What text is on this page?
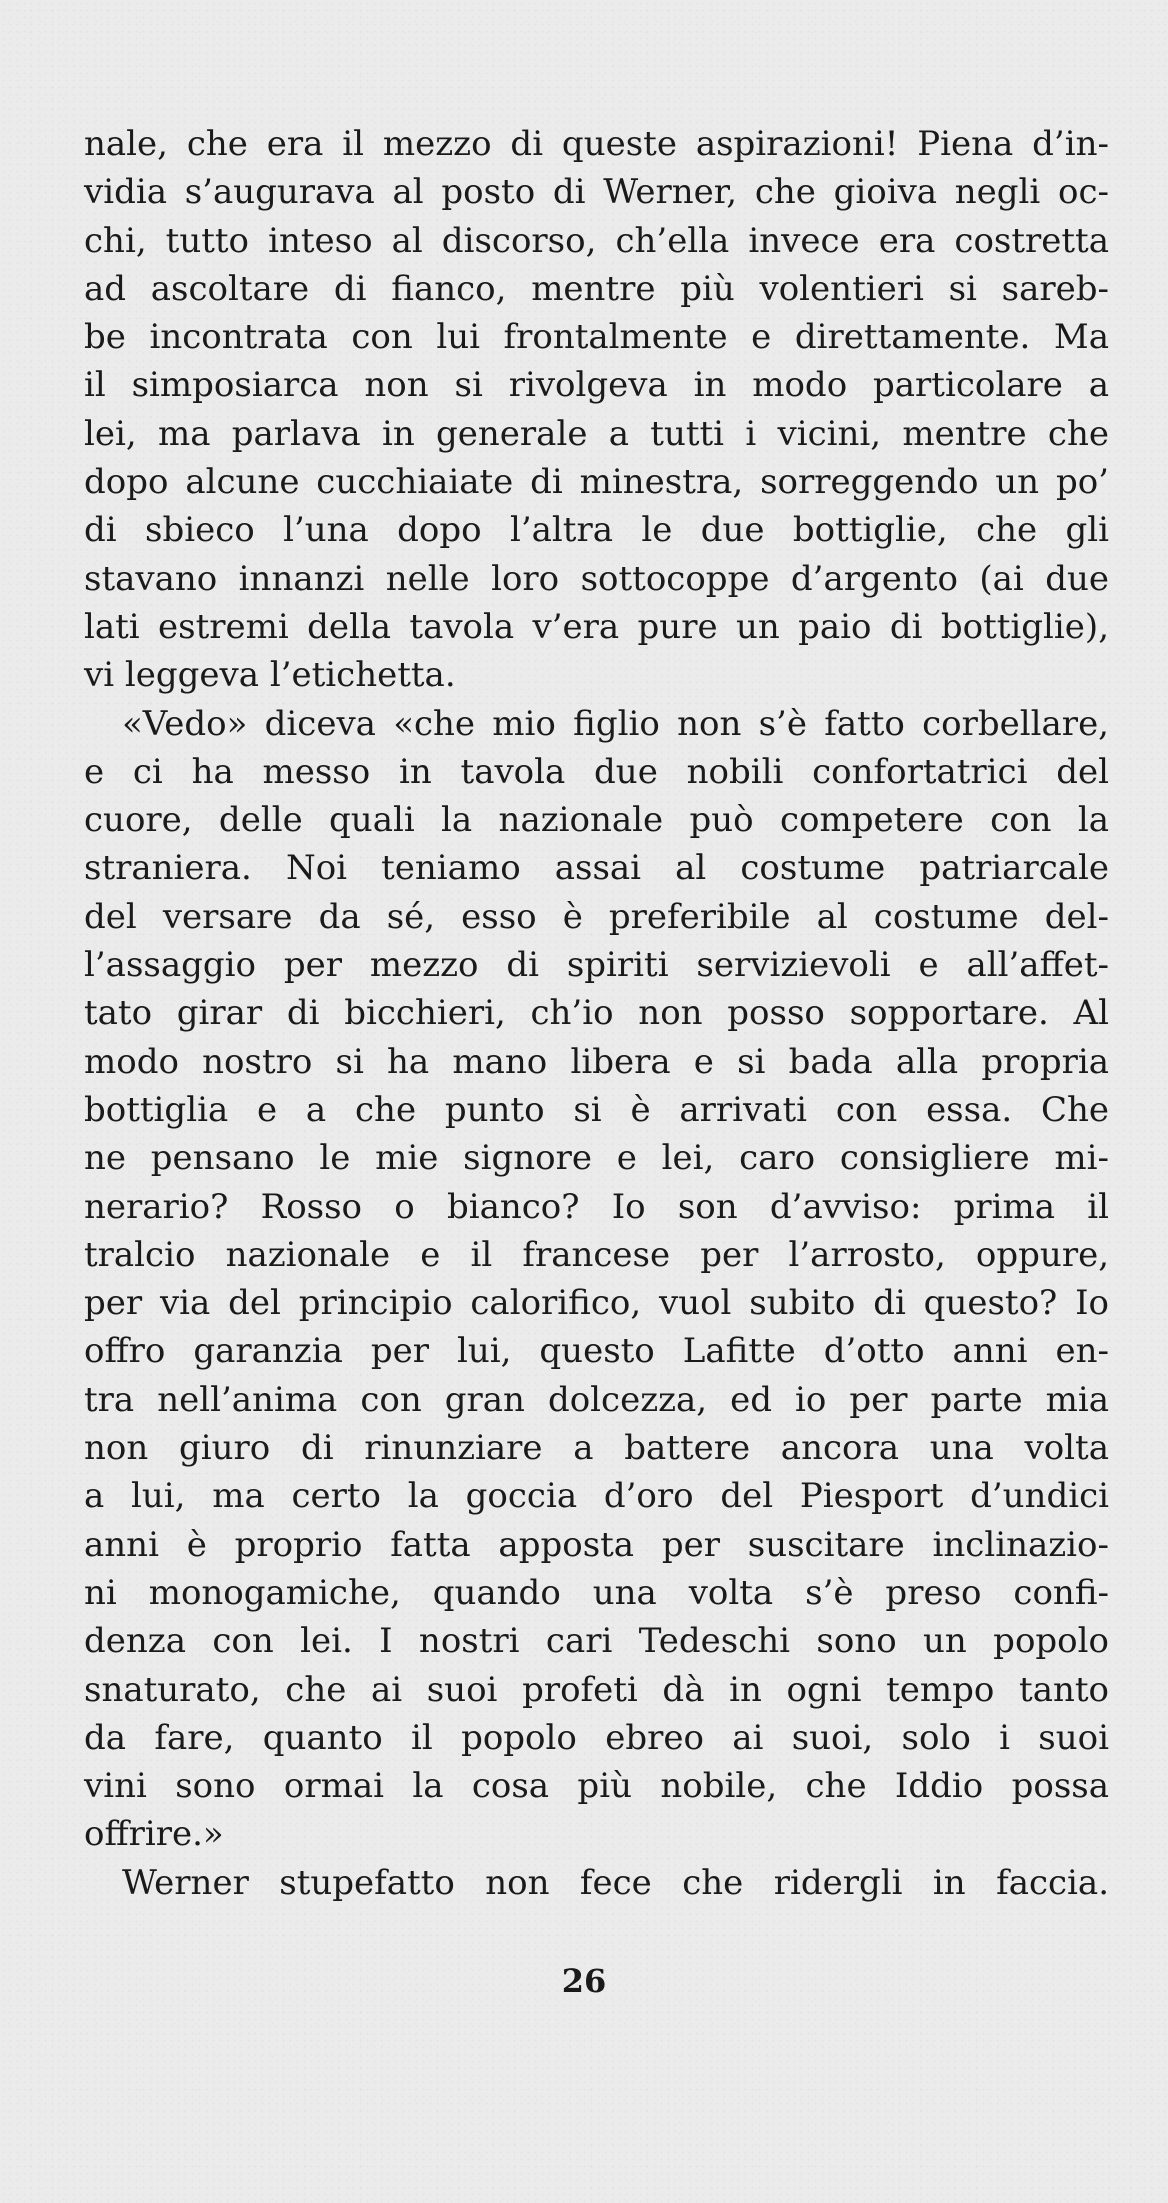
nale, che era il mezzo di queste aspirazioni! Piena d’in-
vidia s’augurava al posto di Werner, che gioiva negli oc-
chi, tutto inteso al discorso, ch’ella invece era costretta
ad ascoltare di fianco, mentre più volentieri si sareb-
be incontrata con lui frontalmente e direttamente. Ma
il simposiarca non si rivolgeva in modo particolare a
lei, ma parlava in generale a tutti i vicini, mentre che
dopo alcune cucchiaiate di minestra, sorreggendo un po’
di sbieco l’una dopo l’altra le due bottiglie, che gli
stavano innanzi nelle loro sottocoppe d’argento (ai due
lati estremi della tavola v’era pure un paio di bottiglie),
vi leggeva l’etichetta.
«Vedo» diceva «che mio figlio non s’è fatto corbellare,
e ci ha messo in tavola due nobili confortatrici del
cuore, delle quali la nazionale può competere con la
straniera. Noi teniamo assai al costume patriarcale
del versare da sé, esso è preferibile al costume del-
l’assaggio per mezzo di spiriti servizievoli e all’affet-
tato girar di bicchieri, ch’io non posso sopportare. Al
modo nostro si ha mano libera e si bada alla propria
bottiglia e a che punto si è arrivati con essa. Che
ne pensano le mie signore e lei, caro consigliere mi-
nerario? Rosso o bianco? Io son d’avviso: prima il
tralcio nazionale e il francese per l’arrosto, oppure,
per via del principio calorifico, vuol subito di questo? Io
offro garanzia per lui, questo Lafitte d’otto anni en-
tra nell’anima con gran dolcezza, ed io per parte mia
non giuro di rinunziare a battere ancora una volta
a lui, ma certo la goccia d’oro del Piesport d’undici
anni è proprio fatta apposta per suscitare inclinazio-
ni monogamiche, quando una volta s’è preso confi-
denza con lei. I nostri cari Tedeschi sono un popolo
snaturato, che ai suoi profeti dà in ogni tempo tanto
da fare, quanto il popolo ebreo ai suoi, solo i suoi
vini sono ormai la cosa più nobile, che Iddio possa
offrire.»
Werner stupefatto non fece che ridergli in faccia.
26
